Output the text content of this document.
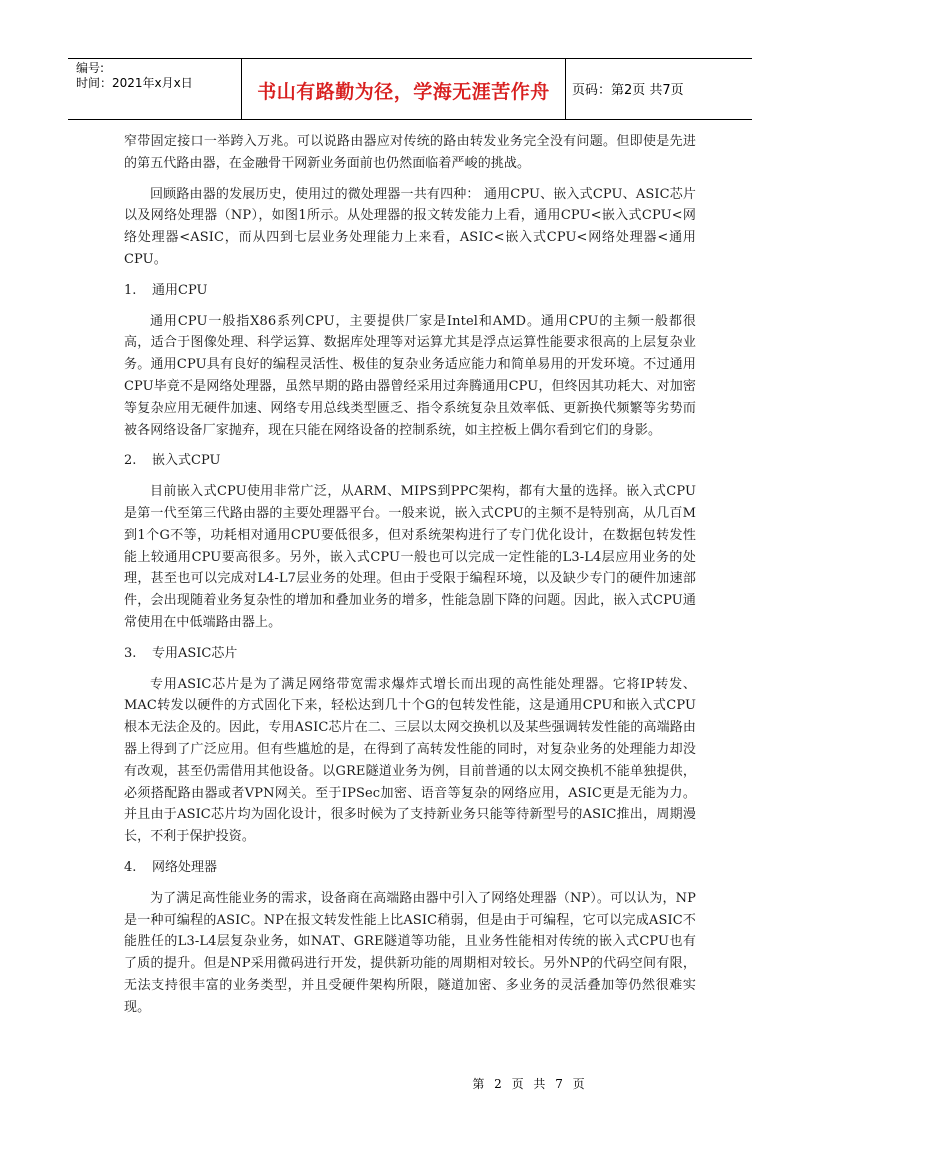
编号:
时间：2021年x月x日	书山有路勤为径，学海无涯苦作舟	页码：第2页 共7页

窄带固定接口一举跨入万兆。可以说路由器应对传统的路由转发业务完全没有问题。但即使是先进的第五代路由器，在金融骨干网新业务面前也仍然面临着严峻的挑战。

回顾路由器的发展历史，使用过的微处理器一共有四种： 通用CPU、嵌入式CPU、ASIC芯片以及网络处理器（NP），如图1所示。从处理器的报文转发能力上看，通用CPU<嵌入式CPU<网络处理器<ASIC，而从四到七层业务处理能力上来看，ASIC<嵌入式CPU<网络处理器<通用CPU。

1. 通用CPU

通用CPU一般指X86系列CPU，主要提供厂家是Intel和AMD。通用CPU的主频一般都很高，适合于图像处理、科学运算、数据库处理等对运算尤其是浮点运算性能要求很高的上层复杂业务。通用CPU具有良好的编程灵活性、极佳的复杂业务适应能力和简单易用的开发环境。不过通用CPU毕竟不是网络处理器，虽然早期的路由器曾经采用过奔腾通用CPU，但终因其功耗大、对加密等复杂应用无硬件加速、网络专用总线类型匮乏、指令系统复杂且效率低、更新换代频繁等劣势而被各网络设备厂家抛弃，现在只能在网络设备的控制系统，如主控板上偶尔看到它们的身影。

2. 嵌入式CPU

目前嵌入式CPU使用非常广泛，从ARM、MIPS到PPC架构，都有大量的选择。嵌入式CPU是第一代至第三代路由器的主要处理器平台。一般来说，嵌入式CPU的主频不是特别高，从几百M到1个G不等，功耗相对通用CPU要低很多，但对系统架构进行了专门优化设计，在数据包转发性能上较通用CPU要高很多。另外，嵌入式CPU一般也可以完成一定性能的L3-L4层应用业务的处理，甚至也可以完成对L4-L7层业务的处理。但由于受限于编程环境，以及缺少专门的硬件加速部件，会出现随着业务复杂性的增加和叠加业务的增多，性能急剧下降的问题。因此，嵌入式CPU通常使用在中低端路由器上。

3. 专用ASIC芯片

专用ASIC芯片是为了满足网络带宽需求爆炸式增长而出现的高性能处理器。它将IP转发、MAC转发以硬件的方式固化下来，轻松达到几十个G的包转发性能，这是通用CPU和嵌入式CPU根本无法企及的。因此，专用ASIC芯片在二、三层以太网交换机以及某些强调转发性能的高端路由器上得到了广泛应用。但有些尴尬的是，在得到了高转发性能的同时，对复杂业务的处理能力却没有改观，甚至仍需借用其他设备。以GRE隧道业务为例，目前普通的以太网交换机不能单独提供，必须搭配路由器或者VPN网关。至于IPSec加密、语音等复杂的网络应用，ASIC更是无能为力。并且由于ASIC芯片均为固化设计，很多时候为了支持新业务只能等待新型号的ASIC推出，周期漫长，不利于保护投资。

4. 网络处理器

为了满足高性能业务的需求，设备商在高端路由器中引入了网络处理器（NP）。可以认为，NP是一种可编程的ASIC。NP在报文转发性能上比ASIC稍弱，但是由于可编程，它可以完成ASIC不能胜任的L3-L4层复杂业务，如NAT、GRE隧道等功能，且业务性能相对传统的嵌入式CPU也有了质的提升。但是NP采用微码进行开发，提供新功能的周期相对较长。另外NP的代码空间有限，无法支持很丰富的业务类型，并且受硬件架构所限，隧道加密、多业务的灵活叠加等仍然很难实现。

第 2 页 共 7 页
